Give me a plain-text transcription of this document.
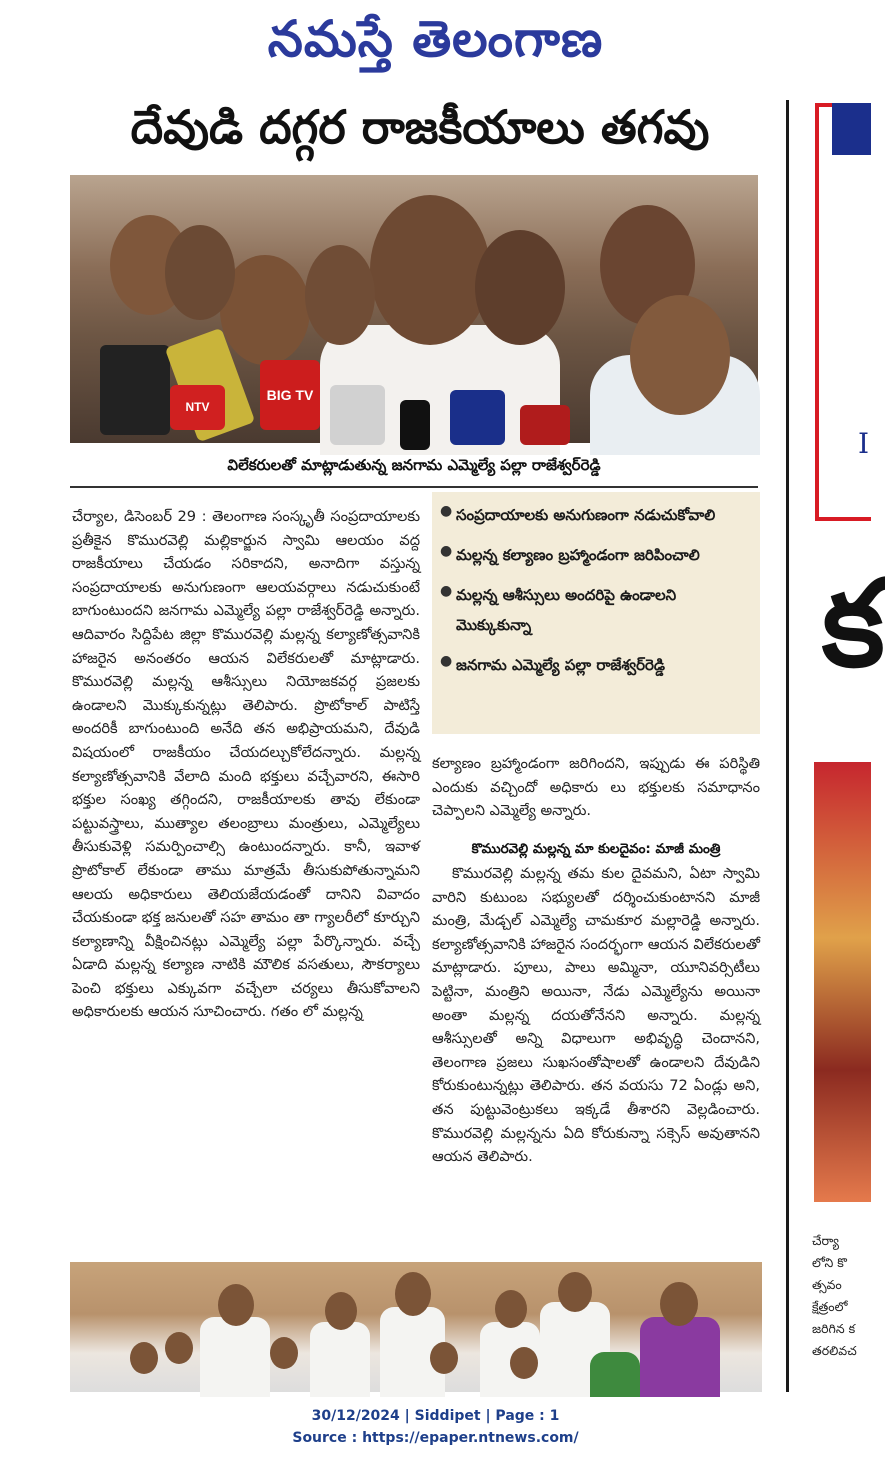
నమస్తే తెలంగాణ
దేవుడి దగ్గర రాజకీయాలు తగవు
BIG TV
NTV
విలేకరులతో మాట్లాడుతున్న జనగామ ఎమ్మెల్యే పల్లా రాజేశ్వర్‌రెడ్డి
చేర్యాల, డిసెంబర్ 29 : తెలంగాణ సంస్కృతీ సంప్రదాయాలకు ప్రతీకైన కొమురవెల్లి మల్లికార్జున స్వామి ఆలయం వద్ద రాజకీయాలు చేయడం సరికాదని, అనాదిగా వస్తున్న సంప్రదాయాలకు అనుగుణంగా ఆలయవర్గాలు నడుచుకుంటే బాగుంటుందని జనగామ ఎమ్మెల్యే పల్లా రాజేశ్వర్‌రెడ్డి అన్నారు. ఆదివారం సిద్దిపేట జిల్లా కొమురవెల్లి మల్లన్న కల్యాణోత్సవానికి హాజరైన అనంతరం ఆయన విలేకరులతో మాట్లాడారు. కొమురవెల్లి మల్లన్న ఆశీస్సులు నియోజకవర్గ ప్రజలకు ఉండాలని మొక్కుకున్నట్లు తెలిపారు. ప్రొటోకాల్ పాటిస్తే అందరికీ బాగుంటుంది అనేది తన అభిప్రాయమని, దేవుడి విషయంలో రాజకీయం చేయదల్చుకోలేదన్నారు. మల్లన్న కల్యాణోత్సవానికి వేలాది మంది భక్తులు వచ్చేవారని, ఈసారి భక్తుల సంఖ్య తగ్గిందని, రాజకీయాలకు తావు లేకుండా పట్టువస్త్రాలు, ముత్యాల తలంబ్రాలు మంత్రులు, ఎమ్మెల్యేలు తీసుకువెళ్లి సమర్పించాల్సి ఉంటుందన్నారు. కానీ, ఇవాళ ప్రొటోకాల్ లేకుండా తాము మాత్రమే తీసుకుపోతున్నామని ఆలయ అధికారులు తెలియజేయడంతో దానిని వివాదం చేయకుండా భక్త జనులతో సహ తామం తా గ్యాలరీలో కూర్చుని కల్యాణాన్ని వీక్షించినట్లు ఎమ్మెల్యే పల్లా పేర్కొన్నారు. వచ్చే ఏడాది మల్లన్న కల్యాణ నాటికి మౌలిక వసతులు, సౌకర్యాలు పెంచి భక్తులు ఎక్కువగా వచ్చేలా చర్యలు తీసుకోవాలని అధికారులకు ఆయన సూచించారు. గతం లో మల్లన్న
● సంప్రదాయాలకు అనుగుణంగా నడుచుకోవాలి
● మల్లన్న కల్యాణం బ్రహ్మాండంగా జరిపించాలి
● మల్లన్న ఆశీస్సులు అందరిపై ఉండాలని మొక్కుకున్నా
● జనగామ ఎమ్మెల్యే పల్లా రాజేశ్వర్‌రెడ్డి
కల్యాణం బ్రహ్మాండంగా జరిగిందని, ఇప్పుడు ఈ పరిస్థితి ఎందుకు వచ్చిందో అధికారు లు భక్తులకు సమాధానం చెప్పాలని ఎమ్మెల్యే అన్నారు.
కొమురవెల్లి మల్లన్న మా కులదైవం: మాజీ మంత్రి
కొమురవెల్లి మల్లన్న తమ కుల దైవమని, ఏటా స్వామి వారిని కుటుంబ సభ్యులతో దర్శించుకుంటానని మాజీ మంత్రి, మేడ్చల్ ఎమ్మెల్యే చామకూర మల్లారెడ్డి అన్నారు. కల్యాణోత్సవానికి హాజరైన సందర్భంగా ఆయన విలేకరులతో మాట్లాడారు. పూలు, పాలు అమ్మినా, యూనివర్సిటీలు పెట్టినా, మంత్రిని అయినా, నేడు ఎమ్మెల్యేను అయినా అంతా మల్లన్న దయతోనేనని అన్నారు. మల్లన్న ఆశీస్సులతో అన్ని విధాలుగా అభివృద్ధి చెందానని, తెలంగాణ ప్రజలు సుఖసంతోషాలతో ఉండాలని దేవుడిని కోరుకుంటున్నట్లు తెలిపారు. తన వయసు 72 ఏండ్లు అని, తన పుట్టువెంట్రుకలు ఇక్కడే తీశారని వెల్లడించారు. కొమురవెల్లి మల్లన్నను ఏది కోరుకున్నా సక్సెస్ అవుతానని ఆయన తెలిపారు.
I
క
చేర్యా
లోని కొ
త్సవం
క్షేత్రంలో
జరిగిన క
తరలివచ
30/12/2024 | Siddipet | Page : 1
Source : https://epaper.ntnews.com/
